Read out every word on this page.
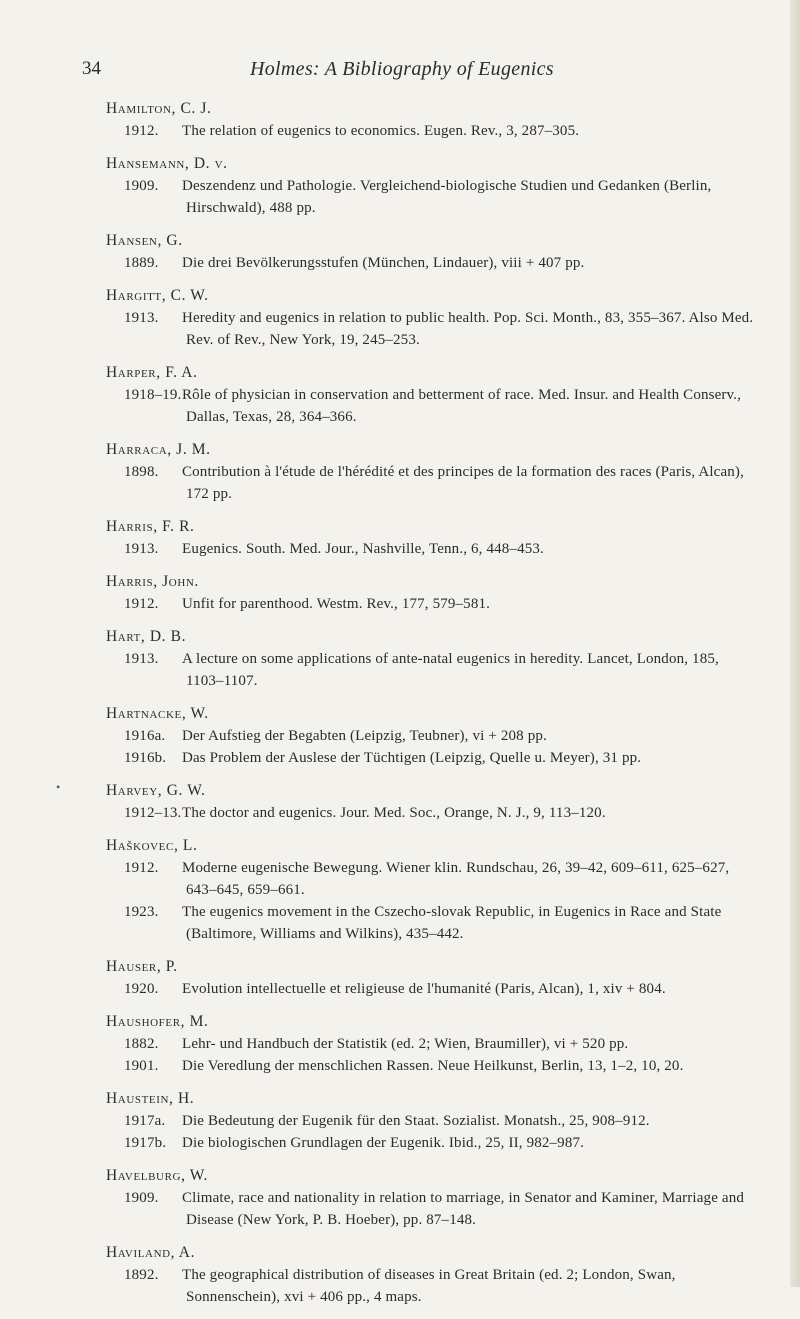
34	Holmes: A Bibliography of Eugenics
•
Hamilton, C. J.
1912. The relation of eugenics to economics. Eugen. Rev., 3, 287–305.
Hansemann, D. v.
1909. Deszendenz und Pathologie. Vergleichend-biologische Studien und Gedanken (Berlin, Hirschwald), 488 pp.
Hansen, G.
1889. Die drei Bevölkerungsstufen (München, Lindauer), viii + 407 pp.
Hargitt, C. W.
1913. Heredity and eugenics in relation to public health. Pop. Sci. Month., 83, 355–367. Also Med. Rev. of Rev., New York, 19, 245–253.
Harper, F. A.
1918–19.Rôle of physician in conservation and betterment of race. Med. Insur. and Health Conserv., Dallas, Texas, 28, 364–366.
Harraca, J. M.
1898. Contribution à l'étude de l'hérédité et des principes de la formation des races (Paris, Alcan), 172 pp.
Harris, F. R.
1913. Eugenics. South. Med. Jour., Nashville, Tenn., 6, 448–453.
Harris, John.
1912. Unfit for parenthood. Westm. Rev., 177, 579–581.
Hart, D. B.
1913. A lecture on some applications of ante-natal eugenics in heredity. Lancet, London, 185, 1103–1107.
Hartnacke, W.
1916a. Der Aufstieg der Begabten (Leipzig, Teubner), vi + 208 pp.
1916b. Das Problem der Auslese der Tüchtigen (Leipzig, Quelle u. Meyer), 31 pp.
Harvey, G. W.
1912–13.The doctor and eugenics. Jour. Med. Soc., Orange, N. J., 9, 113–120.
Haškovec, L.
1912. Moderne eugenische Bewegung. Wiener klin. Rundschau, 26, 39–42, 609–611, 625–627, 643–645, 659–661.
1923. The eugenics movement in the Cszecho-slovak Republic, in Eugenics in Race and State (Baltimore, Williams and Wilkins), 435–442.
Hauser, P.
1920. Evolution intellectuelle et religieuse de l'humanité (Paris, Alcan), 1, xiv + 804.
Haushofer, M.
1882. Lehr- und Handbuch der Statistik (ed. 2; Wien, Braumiller), vi + 520 pp.
1901. Die Veredlung der menschlichen Rassen. Neue Heilkunst, Berlin, 13, 1–2, 10, 20.
Haustein, H.
1917a. Die Bedeutung der Eugenik für den Staat. Sozialist. Monatsh., 25, 908–912.
1917b. Die biologischen Grundlagen der Eugenik. Ibid., 25, II, 982–987.
Havelburg, W.
1909. Climate, race and nationality in relation to marriage, in Senator and Kaminer, Marriage and Disease (New York, P. B. Hoeber), pp. 87–148.
Haviland, A.
1892. The geographical distribution of diseases in Great Britain (ed. 2; London, Swan, Sonnenschein), xvi + 406 pp., 4 maps.
